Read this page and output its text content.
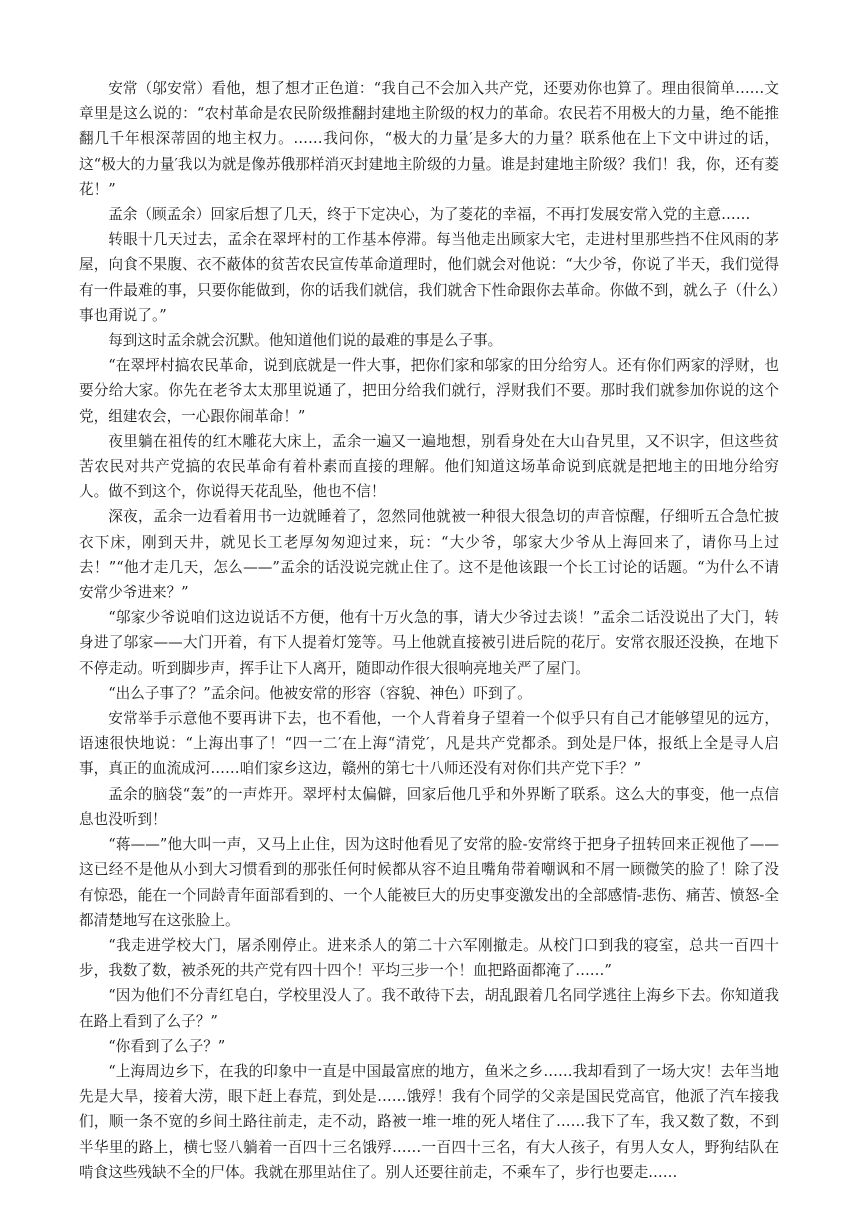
安常（邬安常）看他，想了想才正色道：“我自己不会加入共产党，还要劝你也算了。理由很简单……文章里是这么说的：“农村革命是农民阶级推翻封建地主阶级的权力的革命。农民若不用极大的力量，绝不能推翻几千年根深蒂固的地主权力。……我问你，“极大的力量′是多大的力量？联系他在上下文中讲过的话，这“极大的力量′我以为就是像苏俄那样消灭封建地主阶级的力量。谁是封建地主阶级？我们！我，你，还有菱花！”

孟余（顾孟余）回家后想了几天，终于下定决心，为了菱花的幸福，不再打发展安常入党的主意……

转眼十几天过去，孟余在翠坪村的工作基本停滞。每当他走出顾家大宅，走进村里那些挡不住风雨的茅屋，向食不果腹、衣不蔽体的贫苦农民宣传革命道理时，他们就会对他说：“大少爷，你说了半天，我们觉得有一件最难的事，只要你能做到，你的话我们就信，我们就舍下性命跟你去革命。你做不到，就么子（什么）事也甭说了。”

每到这时孟余就会沉默。他知道他们说的最难的事是么子事。

“在翠坪村搞农民革命，说到底就是一件大事，把你们家和邬家的田分给穷人。还有你们两家的浮财，也要分给大家。你先在老爷太太那里说通了，把田分给我们就行，浮财我们不要。那时我们就参加你说的这个党，组建农会，一心跟你闹革命！”

夜里躺在祖传的红木雕花大床上，孟余一遍又一遍地想，别看身处在大山旮旯里，又不识字，但这些贫苦农民对共产党搞的农民革命有着朴素而直接的理解。他们知道这场革命说到底就是把地主的田地分给穷人。做不到这个，你说得天花乱坠，他也不信！

深夜，孟余一边看着用书一边就睡着了，忽然同他就被一种很大很急切的声音惊醒，仔细听五合急忙披衣下床，刚到天井，就见长工老厚匆匆迎过来，玩：“大少爷，邬家大少爷从上海回来了，请你马上过去！”“他才走几天，怎么——”孟余的话没说完就止住了。这不是他该跟一个长工讨论的话题。“为什么不请安常少爷进来？”

“邬家少爷说咱们这边说话不方便，他有十万火急的事，请大少爷过去谈！”孟余二话没说出了大门，转身进了邬家——大门开着，有下人提着灯笼等。马上他就直接被引进后院的花厅。安常衣服还没换，在地下不停走动。听到脚步声，挥手让下人离开，随即动作很大很响亮地关严了屋门。

“出么子事了？”孟余问。他被安常的形容（容貌、神色）吓到了。

安常举手示意他不要再讲下去，也不看他，一个人背着身子望着一个似乎只有自己才能够望见的远方，语速很快地说：“上海出事了！“四一二′在上海“清党′，凡是共产党都杀。到处是尸体，报纸上全是寻人启事，真正的血流成河……咱们家乡这边，赣州的第七十八师还没有对你们共产党下手？”

孟余的脑袋“轰”的一声炸开。翠坪村太偏僻，回家后他几乎和外界断了联系。这么大的事变，他一点信息也没听到！

“蒋——”他大叫一声，又马上止住，因为这时他看见了安常的脸-安常终于把身子扭转回来正视他了——这已经不是他从小到大习惯看到的那张任何时候都从容不迫且嘴角带着嘲讽和不屑一顾微笑的脸了！除了没有惊恐，能在一个同龄青年面部看到的、一个人能被巨大的历史事变激发出的全部感情-悲伤、痛苦、愤怒-全都清楚地写在这张脸上。

“我走进学校大门，屠杀刚停止。进来杀人的第二十六军刚撤走。从校门口到我的寝室，总共一百四十步，我数了数，被杀死的共产党有四十四个！平均三步一个！血把路面都淹了……”

“因为他们不分青红皂白，学校里没人了。我不敢待下去，胡乱跟着几名同学逃往上海乡下去。你知道我在路上看到了么子？”

“你看到了么子？”

“上海周边乡下，在我的印象中一直是中国最富庶的地方，鱼米之乡……我却看到了一场大灾！去年当地先是大旱，接着大涝，眼下赶上春荒，到处是……饿殍！我有个同学的父亲是国民党高官，他派了汽车接我们，顺一条不宽的乡间土路往前走，走不动，路被一堆一堆的死人堵住了……我下了车，我又数了数，不到半华里的路上，横七竖八躺着一百四十三名饿殍……一百四十三名，有大人孩子，有男人女人，野狗结队在啃食这些残缺不全的尸体。我就在那里站住了。别人还要往前走，不乘车了，步行也要走……
